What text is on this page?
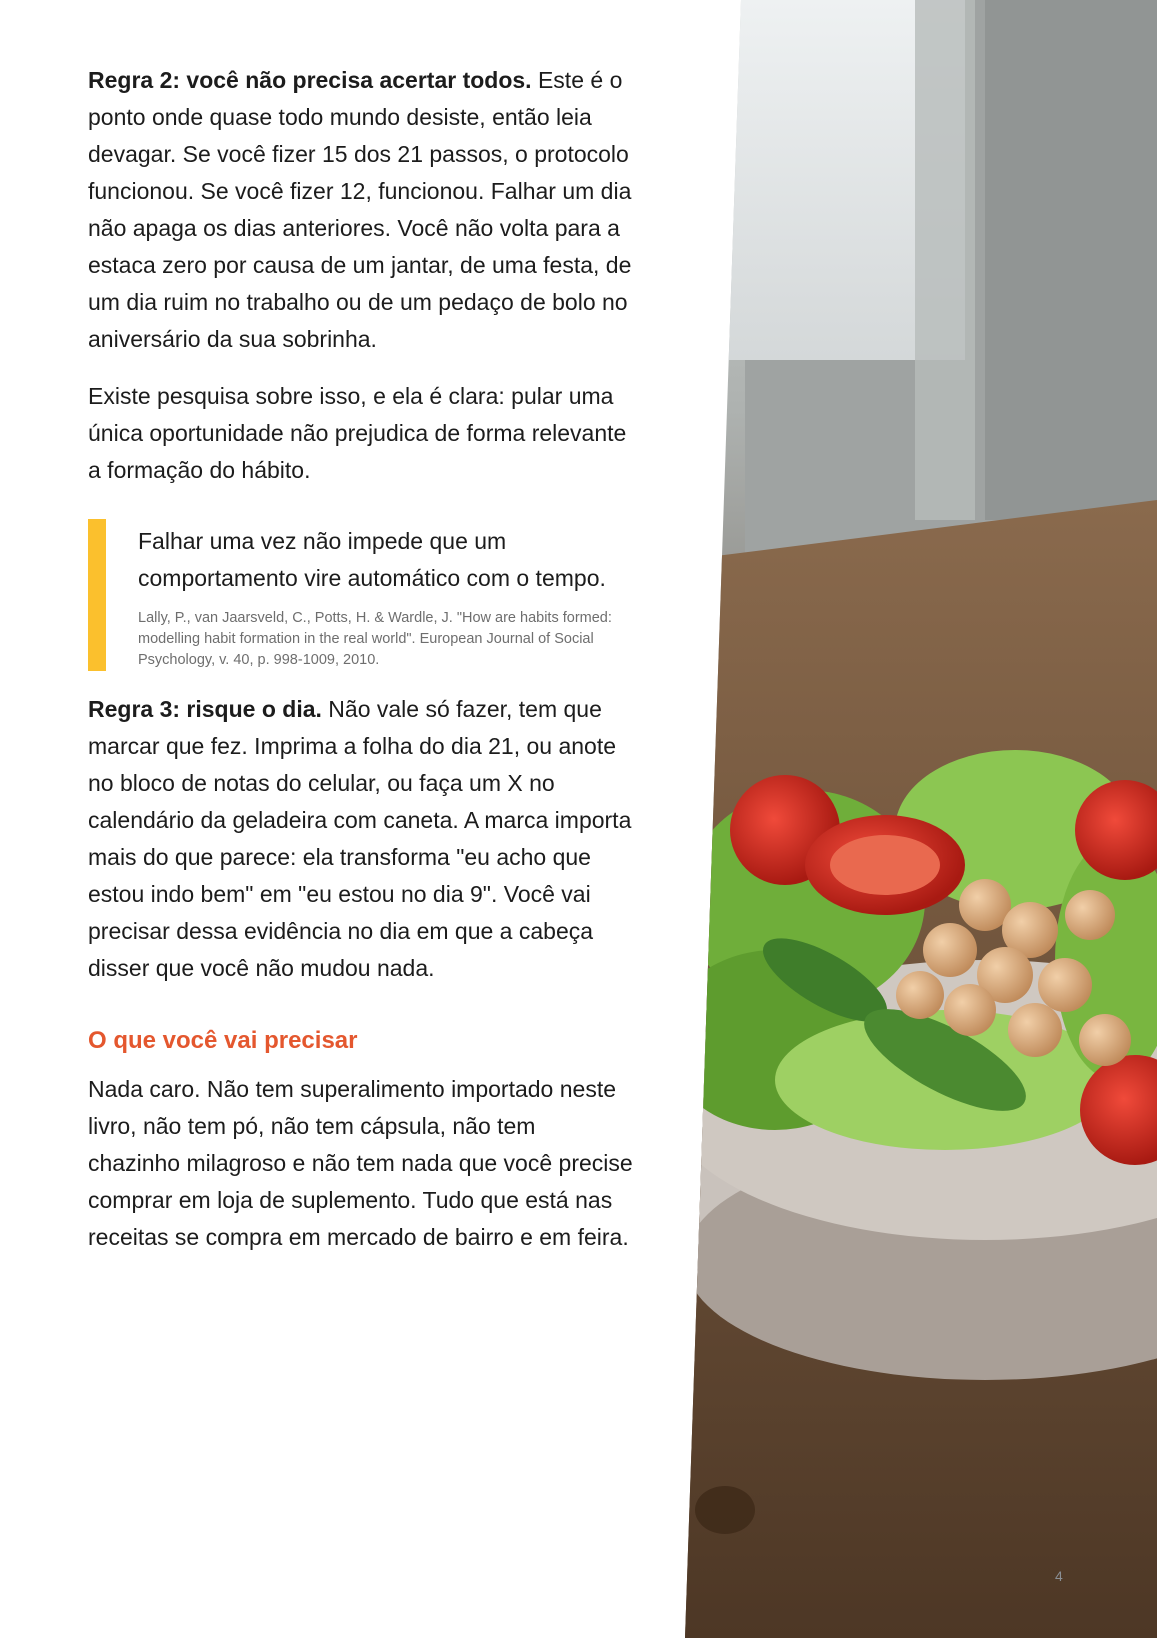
Regra 2: você não precisa acertar todos. Este é o ponto onde quase todo mundo desiste, então leia devagar. Se você fizer 15 dos 21 passos, o protocolo funcionou. Se você fizer 12, funcionou. Falhar um dia não apaga os dias anteriores. Você não volta para a estaca zero por causa de um jantar, de uma festa, de um dia ruim no trabalho ou de um pedaço de bolo no aniversário da sua sobrinha.

Existe pesquisa sobre isso, e ela é clara: pular uma única oportunidade não prejudica de forma relevante a formação do hábito.

Falhar uma vez não impede que um comportamento vire automático com o tempo.

Lally, P., van Jaarsveld, C., Potts, H. & Wardle, J. "How are habits formed: modelling habit formation in the real world". European Journal of Social Psychology, v. 40, p. 998-1009, 2010.

Regra 3: risque o dia. Não vale só fazer, tem que marcar que fez. Imprima a folha do dia 21, ou anote no bloco de notas do celular, ou faça um X no calendário da geladeira com caneta. A marca importa mais do que parece: ela transforma "eu acho que estou indo bem" em "eu estou no dia 9". Você vai precisar dessa evidência no dia em que a cabeça disser que você não mudou nada.

O que você vai precisar

Nada caro. Não tem superalimento importado neste livro, não tem pó, não tem cápsula, não tem chazinho milagroso e não tem nada que você precise comprar em loja de suplemento. Tudo que está nas receitas se compra em mercado de bairro e em feira.

4
